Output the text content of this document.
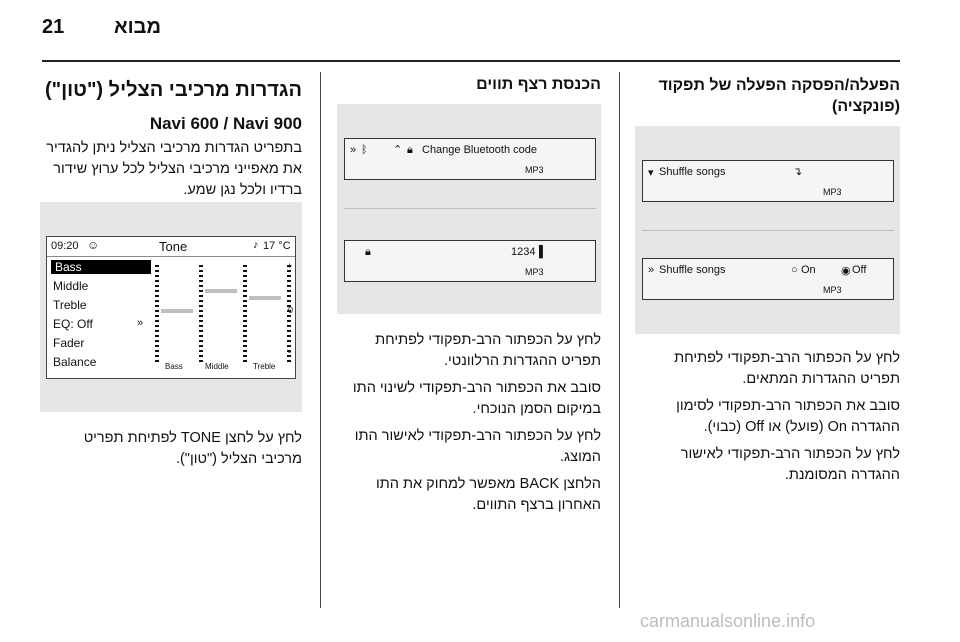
21 מבוא
הפעלה/הפסקה הפעלה של תפקוד (פונקציה)
▾ Shuffle songs	↴
MP3
» Shuffle songs	○ On ◉ Off
MP3

לחץ על הכפתור הרב-תפקודי לפתיחת תפריט ההגדרות המתאים.

סובב את הכפתור הרב-תפקודי לסימון ההגדרה On (פועל) או Off (כבוי).

לחץ על הכפתור הרב-תפקודי לאישור ההגדרה המסומנת.

הכנסת רצף תווים
» ᛒ ⌃ 🔒︎ Change Bluetooth code
MP3
🔒︎	1234 ▌
MP3

לחץ על הכפתור הרב-תפקודי לפתיחת תפריט ההגדרות הרלוונטי.

סובב את הכפתור הרב-תפקודי לשינוי התו במיקום הסמן הנוכחי.

לחץ על הכפתור הרב-תפקודי לאישור התו המוצג.

הלחצן BACK מאפשר למחוק את התו האחרון ברצף התווים.

הגדרות מרכיבי הצליל ("טון")
Navi 600 / Navi 900
בתפריט הגדרות מרכיבי הצליל ניתן להגדיר את מאפייני מרכיבי הצליל לכל ערוץ שידור ברדיו ולכל נגן שמע.
09:20 ☺	Tone	♪ 17 °C
Bass
Middle
Treble
EQ: Off	»
Fader
Balance
+
0
-
Bass	Middle	Treble
לחץ על לחצן TONE לפתיחת תפריט מרכיבי הצליל ("טון").
carmanualsonline.info
